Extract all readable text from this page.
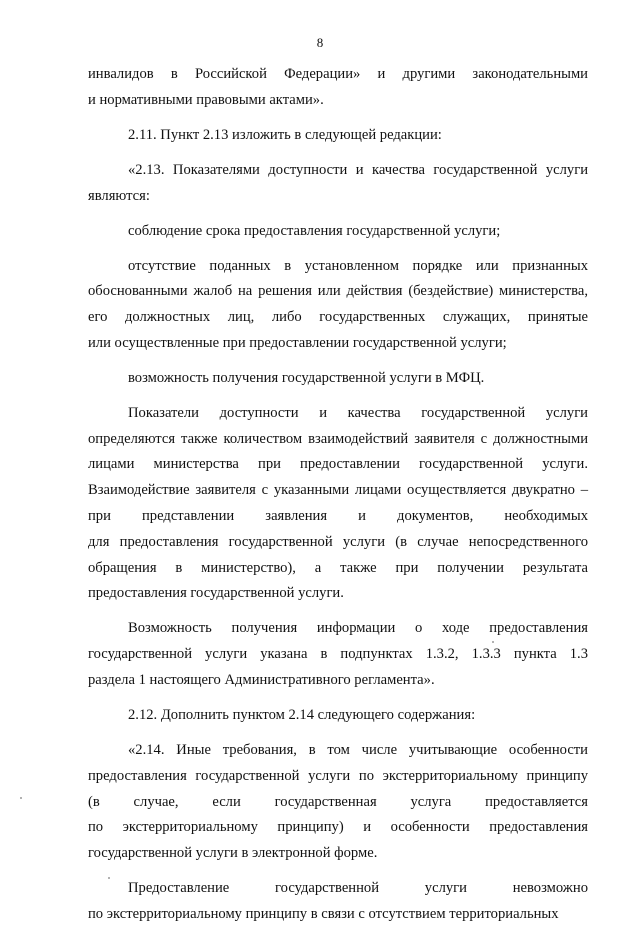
8
инвалидов в Российской Федерации» и другими законодательными
и нормативными правовыми актами».
2.11. Пункт 2.13 изложить в следующей редакции:
«2.13. Показателями доступности и качества государственной услуги
являются:
соблюдение срока предоставления государственной услуги;
отсутствие поданных в установленном порядке или признанных
обоснованными жалоб на решения или действия (бездействие) министерства,
его должностных лиц, либо государственных служащих, принятые
или осуществленные при предоставлении государственной услуги;
возможность получения государственной услуги в МФЦ.
Показатели доступности и качества государственной услуги
определяются также количеством взаимодействий заявителя с должностными
лицами министерства при предоставлении государственной услуги.
Взаимодействие заявителя с указанными лицами осуществляется двукратно –
при представлении заявления и документов, необходимых
для предоставления государственной услуги (в случае непосредственного
обращения в министерство), а также при получении результата
предоставления государственной услуги.
Возможность получения информации о ходе предоставления
государственной услуги указана в подпунктах 1.3.2, 1.3.3 пункта 1.3
раздела 1 настоящего Административного регламента».
2.12. Дополнить пунктом 2.14 следующего содержания:
«2.14. Иные требования, в том числе учитывающие особенности
предоставления государственной услуги по экстерриториальному принципу
(в случае, если государственная услуга предоставляется
по экстерриториальному принципу) и особенности предоставления
государственной услуги в электронной форме.
Предоставление государственной услуги невозможно
по экстерриториальному принципу в связи с отсутствием территориальных
